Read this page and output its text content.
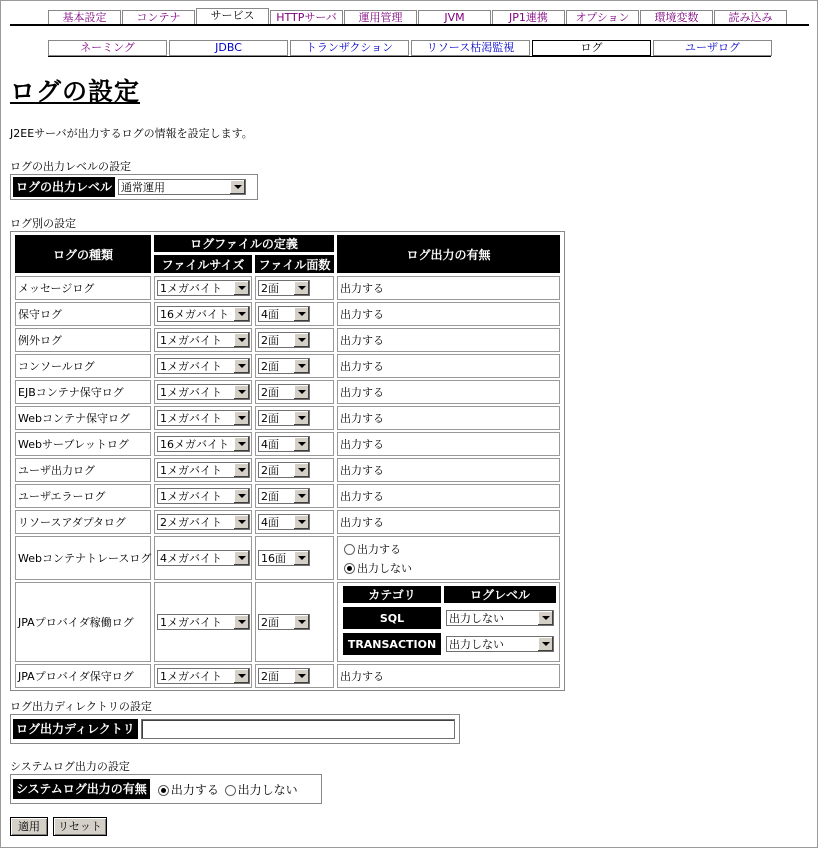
基本設定	コンテナ	サービス	HTTPサーバ	運用管理	JVM	JP1連携	オプション	環境変数	読み込み
ネーミング	JDBC	トランザクション	リソース枯渇監視	ログ	ユーザログ
ログの設定
J2EEサーバが出力するログの情報を設定します。
ログの出力レベルの設定
ログの出力レベル 通常運用
ログ別の設定
ログの種類
ログファイルの定義
ファイルサイズ	ファイル面数
ログ出力の有無
メッセージログ	1メガバイト	2面	出力する
保守ログ	16メガバイト	4面	出力する
例外ログ	1メガバイト	2面	出力する
コンソールログ	1メガバイト	2面	出力する
EJBコンテナ保守ログ	1メガバイト	2面	出力する
Webコンテナ保守ログ	1メガバイト	2面	出力する
Webサーブレットログ	16メガバイト	4面	出力する
ユーザ出力ログ	1メガバイト	2面	出力する
ユーザエラーログ	1メガバイト	2面	出力する
リソースアダプタログ	2メガバイト	4面	出力する
Webコンテナトレースログ 4メガバイト	16面
出力する
出力しない
JPAプロバイダ稼働ログ 1メガバイト	2面
カテゴリ	ログレベル
SQL	出力しない
TRANSACTION	出力しない
JPAプロバイダ保守ログ 1メガバイト	2面	出力する
ログ出力ディレクトリの設定
ログ出力ディレクトリ
システムログ出力の設定
システムログ出力の有無	出力する 出力しない
適用	リセット
